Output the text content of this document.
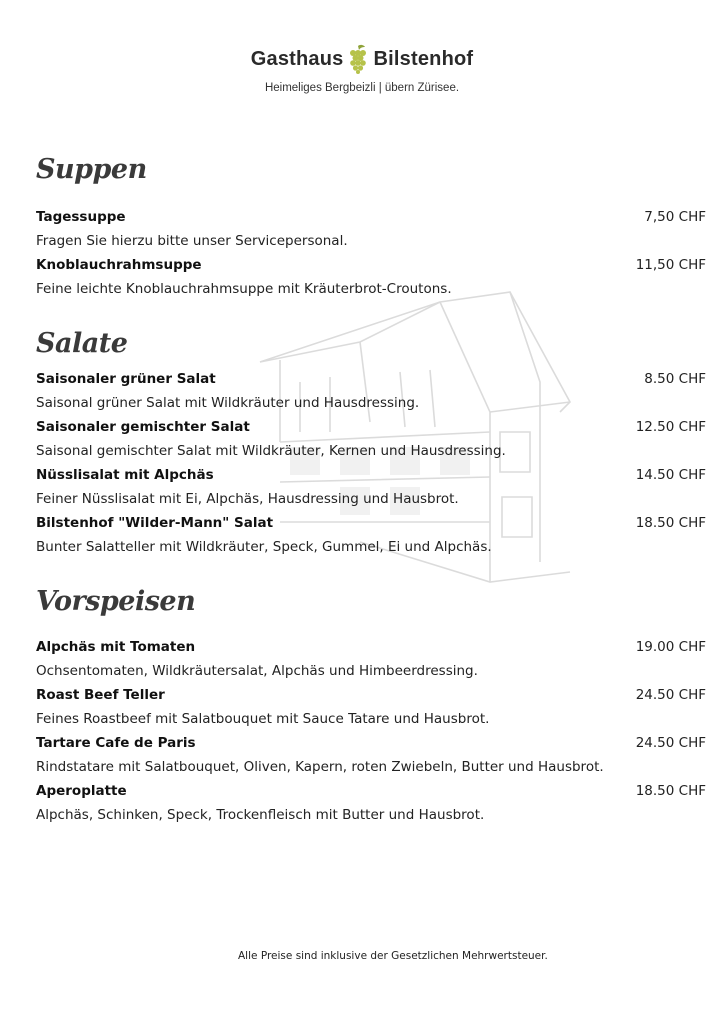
Gasthaus Bilstenhof
Heimeliges Bergbeizli | übern Zürisee.
Suppen
Tagessuppe	7,50 CHF
Fragen Sie hierzu bitte unser Servicepersonal.
Knoblauchrahmsuppe	11,50 CHF
Feine leichte Knoblauchrahmsuppe mit Kräuterbrot-Croutons.
Salate
Saisonaler grüner Salat	8.50 CHF
Saisonal grüner Salat mit Wildkräuter und Hausdressing.
Saisonaler gemischter Salat	12.50 CHF
Saisonal gemischter Salat mit Wildkräuter, Kernen und Hausdressing.
Nüsslisalat mit Alpchäs	14.50 CHF
Feiner Nüsslisalat mit Ei, Alpchäs, Hausdressing und Hausbrot.
Bilstenhof "Wilder-Mann" Salat	18.50 CHF
Bunter Salatteller mit Wildkräuter, Speck, Gummel, Ei und Alpchäs.
Vorspeisen
Alpchäs mit Tomaten	19.00 CHF
Ochsentomaten, Wildkräutersalat, Alpchäs und Himbeerdressing.
Roast Beef Teller	24.50 CHF
Feines Roastbeef mit Salatbouquet mit Sauce Tatare und Hausbrot.
Tartare Cafe de Paris	24.50 CHF
Rindstatare mit Salatbouquet, Oliven, Kapern, roten Zwiebeln, Butter und Hausbrot.
Aperoplatte	18.50 CHF
Alpchäs, Schinken, Speck, Trockenfleisch mit Butter und Hausbrot.
Alle Preise sind inklusive der Gesetzlichen Mehrwertsteuer.
